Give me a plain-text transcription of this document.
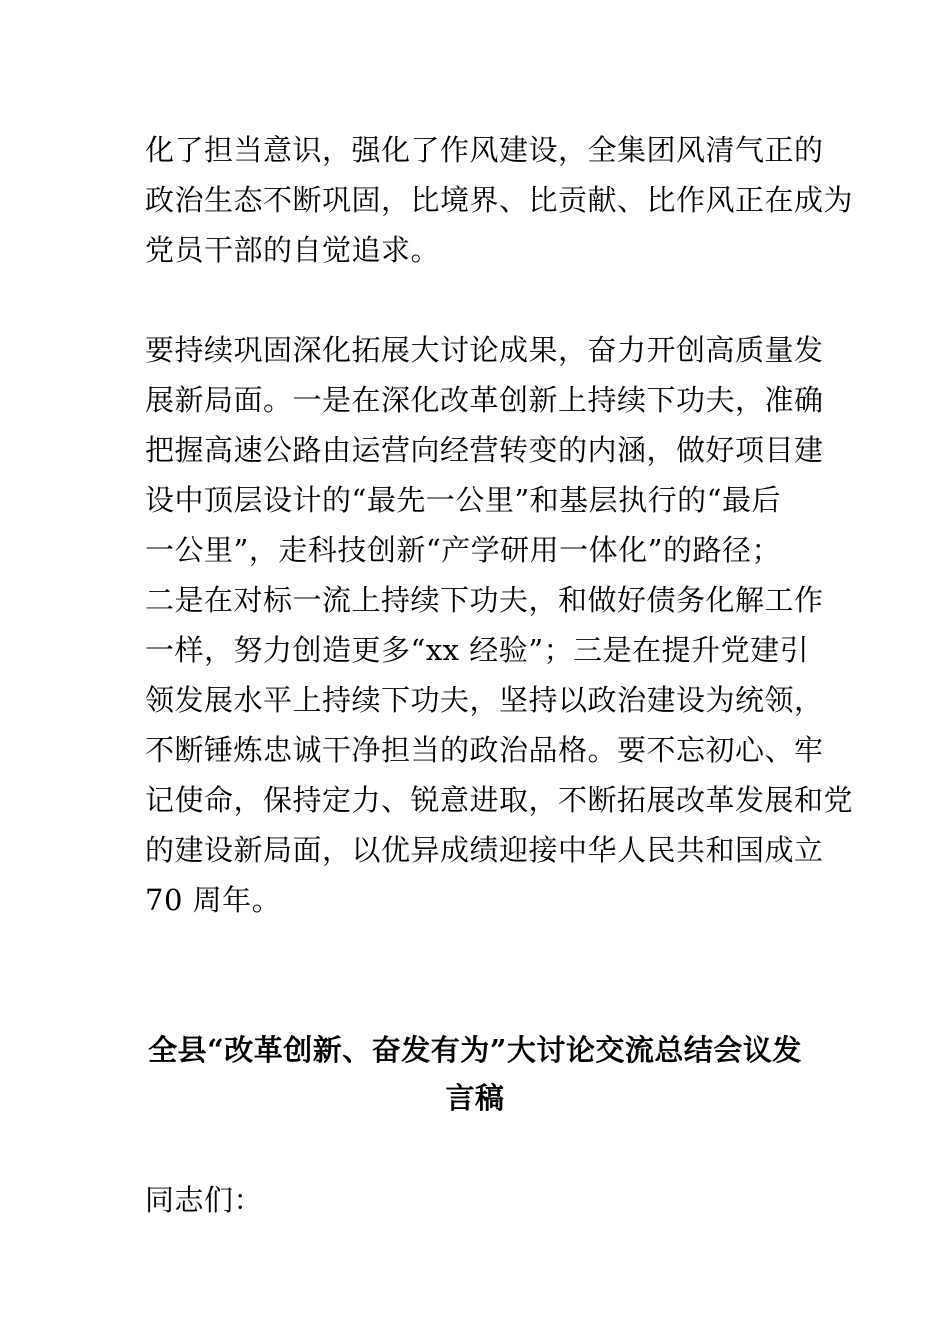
化了担当意识，强化了作风建设，全集团风清气正的
政治生态不断巩固，比境界、比贡献、比作风正在成为
党员干部的自觉追求。
要持续巩固深化拓展大讨论成果，奋力开创高质量发
展新局面。一是在深化改革创新上持续下功夫，准确
把握高速公路由运营向经营转变的内涵，做好项目建
设中顶层设计的“最先一公里”和基层执行的“最后
一公里”，走科技创新“产学研用一体化”的路径；
二是在对标一流上持续下功夫，和做好债务化解工作
一样，努力创造更多“xx 经验”；三是在提升党建引
领发展水平上持续下功夫，坚持以政治建设为统领，
不断锤炼忠诚干净担当的政治品格。要不忘初心、牢
记使命，保持定力、锐意进取，不断拓展改革发展和党
的建设新局面，以优异成绩迎接中华人民共和国成立
70 周年。
全县“改革创新、奋发有为”大讨论交流总结会议发
言稿
同志们：
